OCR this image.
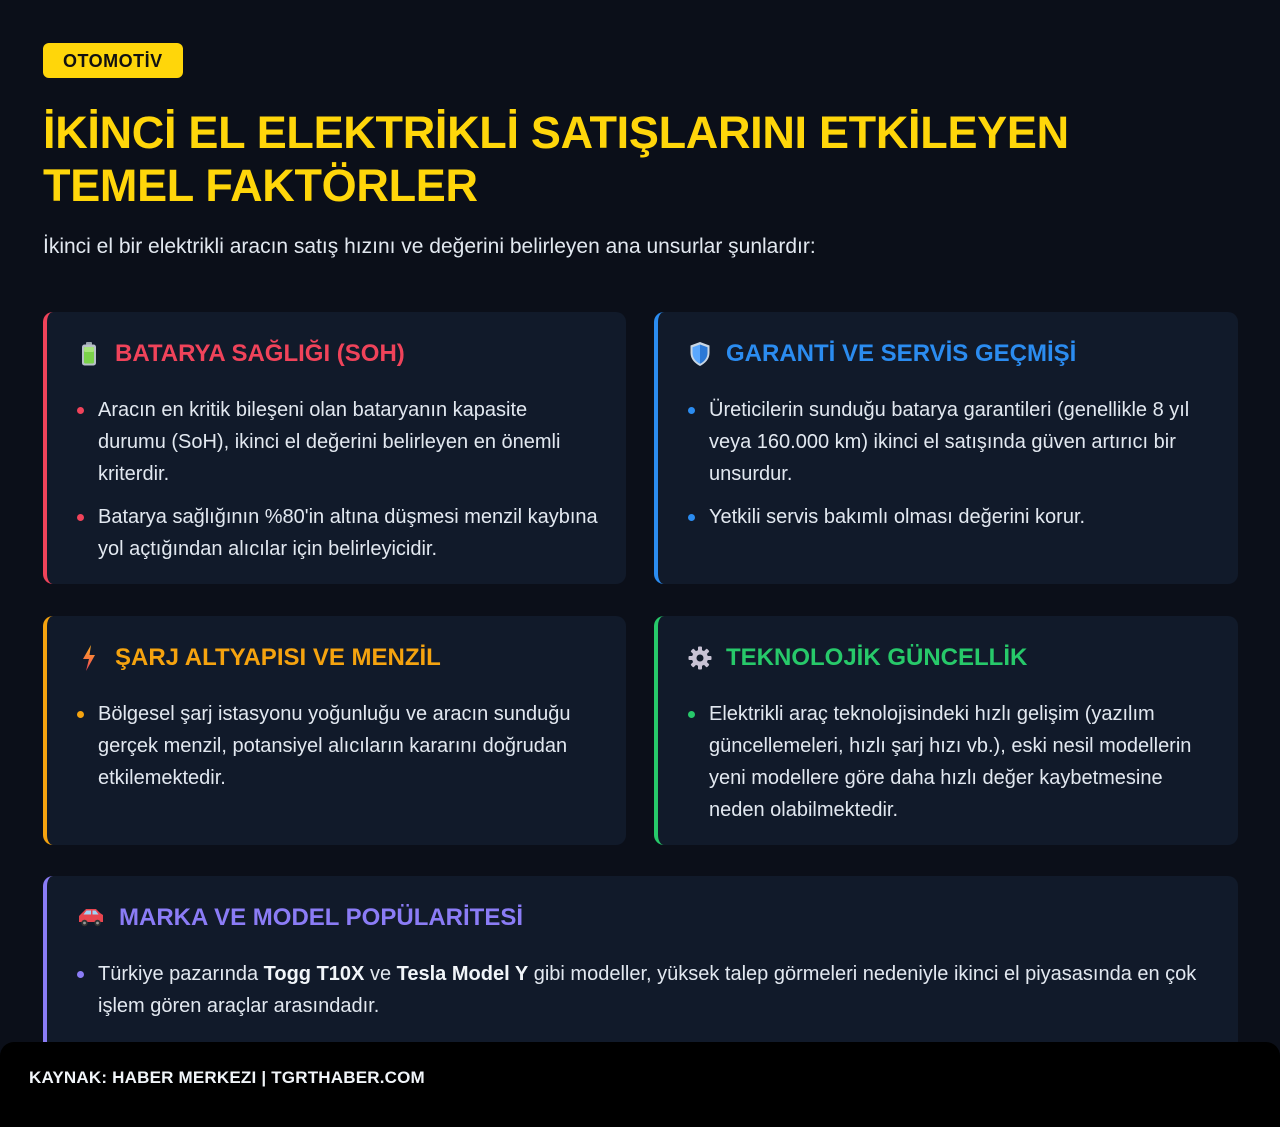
OTOMOTİV
İKİNCİ EL ELEKTRİKLİ SATIŞLARINI ETKİLEYEN TEMEL FAKTÖRLER

İkinci el bir elektrikli aracın satış hızını ve değerini belirleyen ana unsurlar şunlardır:

BATARYA SAĞLIĞI (SOH)
Aracın en kritik bileşeni olan bataryanın kapasite durumu (SoH), ikinci el değerini belirleyen en önemli kriterdir.
Batarya sağlığının %80'in altına düşmesi menzil kaybına yol açtığından alıcılar için belirleyicidir.
GARANTİ VE SERVİS GEÇMİŞİ
Üreticilerin sunduğu batarya garantileri (genellikle 8 yıl veya 160.000 km) ikinci el satışında güven artırıcı bir unsurdur.
Yetkili servis bakımlı olması değerini korur.
ŞARJ ALTYAPISI VE MENZİL
Bölgesel şarj istasyonu yoğunluğu ve aracın sunduğu gerçek menzil, potansiyel alıcıların kararını doğrudan etkilemektedir.
TEKNOLOJİK GÜNCELLİK
Elektrikli araç teknolojisindeki hızlı gelişim (yazılım güncellemeleri, hızlı şarj hızı vb.), eski nesil modellerin yeni modellere göre daha hızlı değer kaybetmesine neden olabilmektedir.
MARKA VE MODEL POPÜLARİTESİ
Türkiye pazarında Togg T10X ve Tesla Model Y gibi modeller, yüksek talep görmeleri nedeniyle ikinci el piyasasında en çok işlem gören araçlar arasındadır.
KAYNAK: HABER MERKEZI | TGRTHABER.COM
